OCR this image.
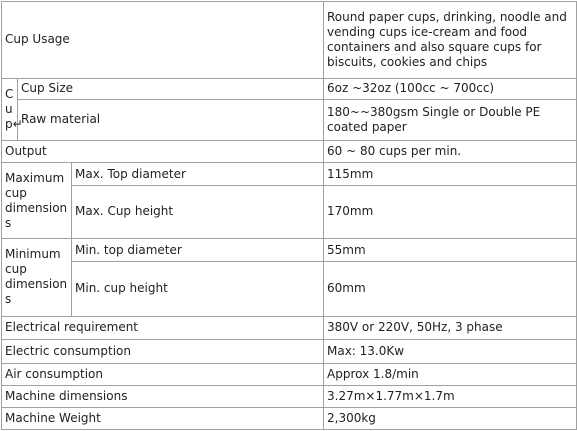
Cup Usage			Round paper cups, drinking, noodle and vending cups ice-cream and food containers and also square cups for biscuits, cookies and chips
C
u
p↵	Cup Size		6oz ~32oz (100cc ~ 700cc)
	Raw material		180~~380gsm Single or Double PE coated paper
Output			60 ~ 80 cups per min.
Maximum cup dimension s		Max. Top diameter	115mm
		Max. Cup height	170mm
Minimum cup dimension s		Min. top diameter	55mm
		Min. cup height	60mm
Electrical requirement			380V or 220V, 50Hz, 3 phase
Electric consumption			Max: 13.0Kw
Air consumption			Approx 1.8/min
Machine dimensions			3.27m×1.77m×1.7m
Machine Weight			2,300kg
